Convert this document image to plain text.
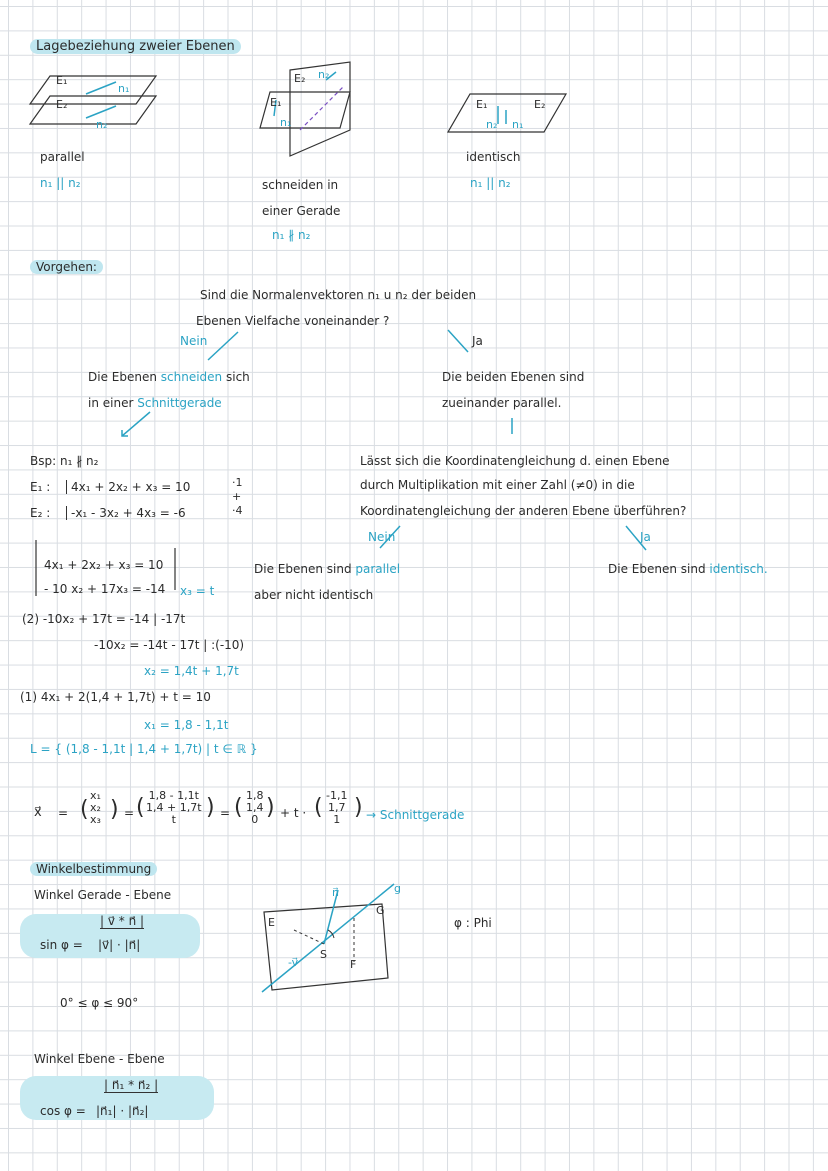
Lagebeziehung zweier Ebenen
E₁
E₂
n₁
n₂
parallel
n₁ || n₂
E₂ n₂
E₁
n₁
schneiden in
einer Gerade
n₁ ∦ n₂
E₁	E₂
n₂ n₁
identisch
n₁ || n₂
Vorgehen:
Sind die Normalenvektoren n₁ u n₂ der beiden
Ebenen Vielfache voneinander ?
Nein	Ja
Die Ebenen schneiden sich
in einer Schnittgerade
Die beiden Ebenen sind
zueinander parallel.
Lässt sich die Koordinatengleichung d. einen Ebene
durch Multiplikation mit einer Zahl (≠0) in die
Koordinatengleichung der anderen Ebene überführen?
Nein	Ja
Die Ebenen sind parallel
aber nicht identisch
Die Ebenen sind identisch.
Bsp: n₁ ∦ n₂
E₁ :	4x₁ + 2x₂ + x₃ = 10
E₂ :	-x₁ - 3x₂ + 4x₃ = -6
·1
+
·4
4x₁ + 2x₂ + x₃ = 10
- 10 x₂ + 17x₃ = -14 x₃ = t
(2) -10x₂ + 17t = -14 | -17t
-10x₂ = -14t - 17t | :(-10)
x₂ = 1,4t + 1,7t
(1) 4x₁ + 2(1,4 + 1,7t) + t = 10
x₁ = 1,8 - 1,1t
L = { (1,8 - 1,1t | 1,4 + 1,7t) | t ∈ ℝ }
x⃗ = (
x₁
x₂
x₃ ) = ( 1,8 - 1,1t
1,4 + 1,7t
t	) = ( 1,8
1,4
0 ) + t · ( -1,1
1,7
1 ) → Schnittgerade
Winkelbestimmung
Winkel Gerade - Ebene
| v⃗ * n⃗ |
sin φ = |v⃗| · |n⃗|
0° ≤ φ ≤ 90°
Winkel Ebene - Ebene
| n⃗₁ * n⃗₂ |
cos φ = |n⃗₁| · |n⃗₂|
E
n⃗	g
G
S
F
-v⃗
φ : Phi
